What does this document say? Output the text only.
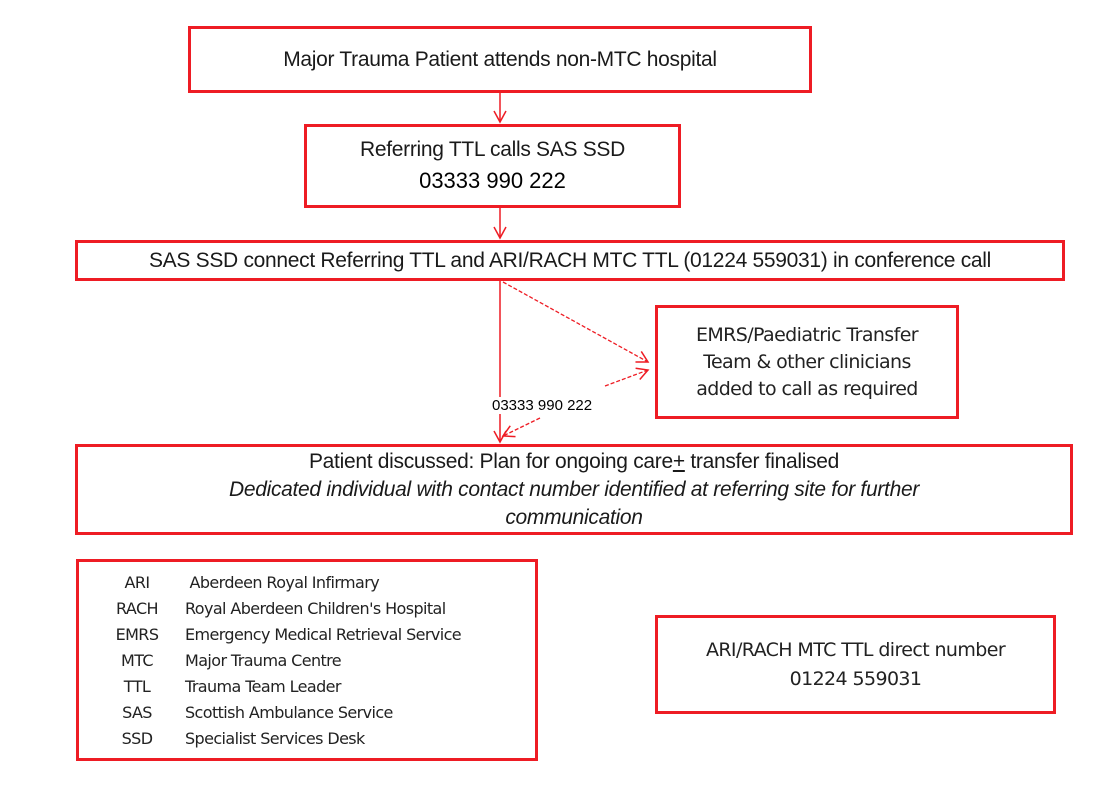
Major Trauma Patient attends non-MTC hospital
Referring TTL calls SAS SSD
03333 990 222
SAS SSD connect Referring TTL and ARI/RACH MTC TTL (01224 559031) in conference call
EMRS/Paediatric Transfer
Team & other clinicians
added to call as required
03333 990 222
Patient discussed: Plan for ongoing care+ transfer finalised
Dedicated individual with contact number identified at referring site for further
communication
ARI	Aberdeen Royal Infirmary
RACH	Royal Aberdeen Children's Hospital
EMRS	Emergency Medical Retrieval Service
MTC	Major Trauma Centre
TTL	Trauma Team Leader
SAS	Scottish Ambulance Service
SSD	Specialist Services Desk
ARI/RACH MTC TTL direct number
01224 559031
